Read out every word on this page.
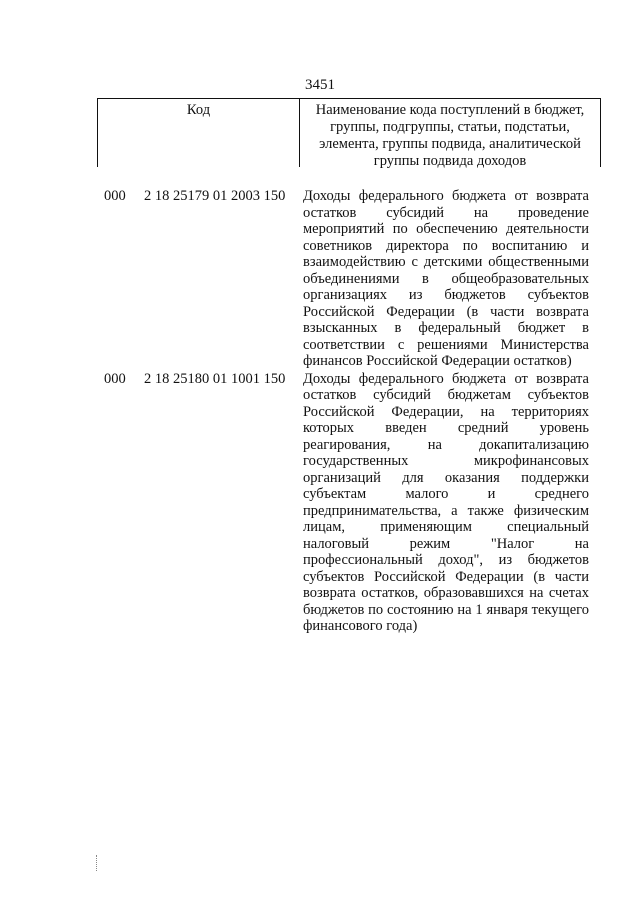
3451
Код	Наименование кода поступлений в бюджет,
группы, подгруппы, статьи, подстатьи,
элемента, группы подвида, аналитической
группы подвида доходов
000 2 18 25179 01 2003 150 Доходы федерального бюджета от возврата
остатков субсидий на проведение
мероприятий по обеспечению деятельности
советников директора по воспитанию и
взаимодействию с детскими общественными
объединениями в общеобразовательных
организациях из бюджетов субъектов
Российской Федерации (в части возврата
взысканных в федеральный бюджет в
соответствии с решениями Министерства
финансов Российской Федерации остатков)
000 2 18 25180 01 1001 150 Доходы федерального бюджета от возврата
остатков субсидий бюджетам субъектов
Российской Федерации, на территориях
которых введен средний уровень
реагирования, на докапитализацию
государственных микрофинансовых
организаций для оказания поддержки
субъектам малого и среднего
предпринимательства, а также физическим
лицам, применяющим специальный
налоговый режим "Налог на
профессиональный доход", из бюджетов
субъектов Российской Федерации (в части
возврата остатков, образовавшихся на счетах
бюджетов по состоянию на 1 января текущего
финансового года)
